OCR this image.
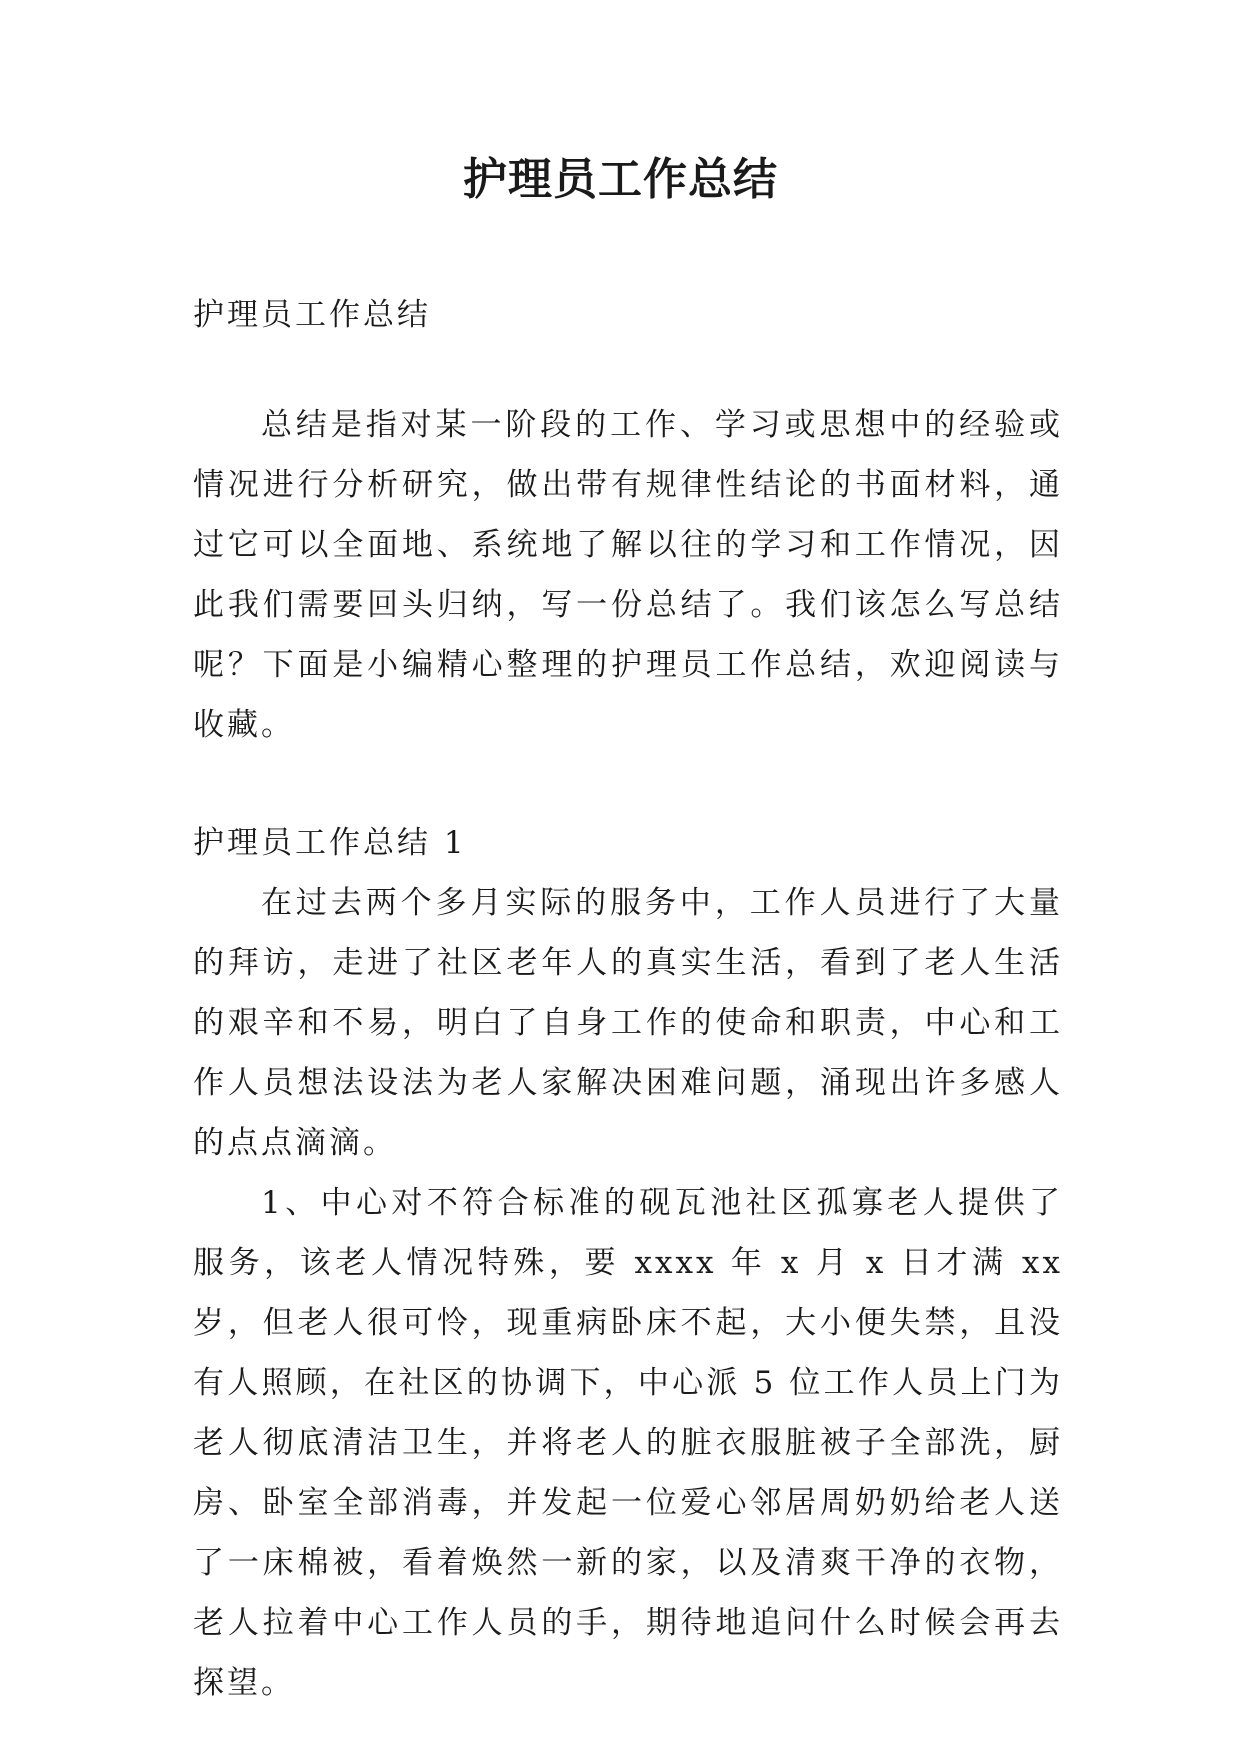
护理员工作总结

护理员工作总结

总结是指对某一阶段的工作、学习或思想中的经验或情况进行分析研究，做出带有规律性结论的书面材料，通过它可以全面地、系统地了解以往的学习和工作情况，因此我们需要回头归纳，写一份总结了。我们该怎么写总结呢？下面是小编精心整理的护理员工作总结，欢迎阅读与收藏。

护理员工作总结 1

在过去两个多月实际的服务中，工作人员进行了大量的拜访，走进了社区老年人的真实生活，看到了老人生活的艰辛和不易，明白了自身工作的使命和职责，中心和工作人员想法设法为老人家解决困难问题，涌现出许多感人的点点滴滴。

1、中心对不符合标准的砚瓦池社区孤寡老人提供了服务，该老人情况特殊，要 xxxx 年 x 月 x 日才满 xx 岁，但老人很可怜，现重病卧床不起，大小便失禁，且没有人照顾，在社区的协调下，中心派 5 位工作人员上门为老人彻底清洁卫生，并将老人的脏衣服脏被子全部洗，厨房、卧室全部消毒，并发起一位爱心邻居周奶奶给老人送了一床棉被，看着焕然一新的家，以及清爽干净的衣物，老人拉着中心工作人员的手，期待地追问什么时候会再去探望。
